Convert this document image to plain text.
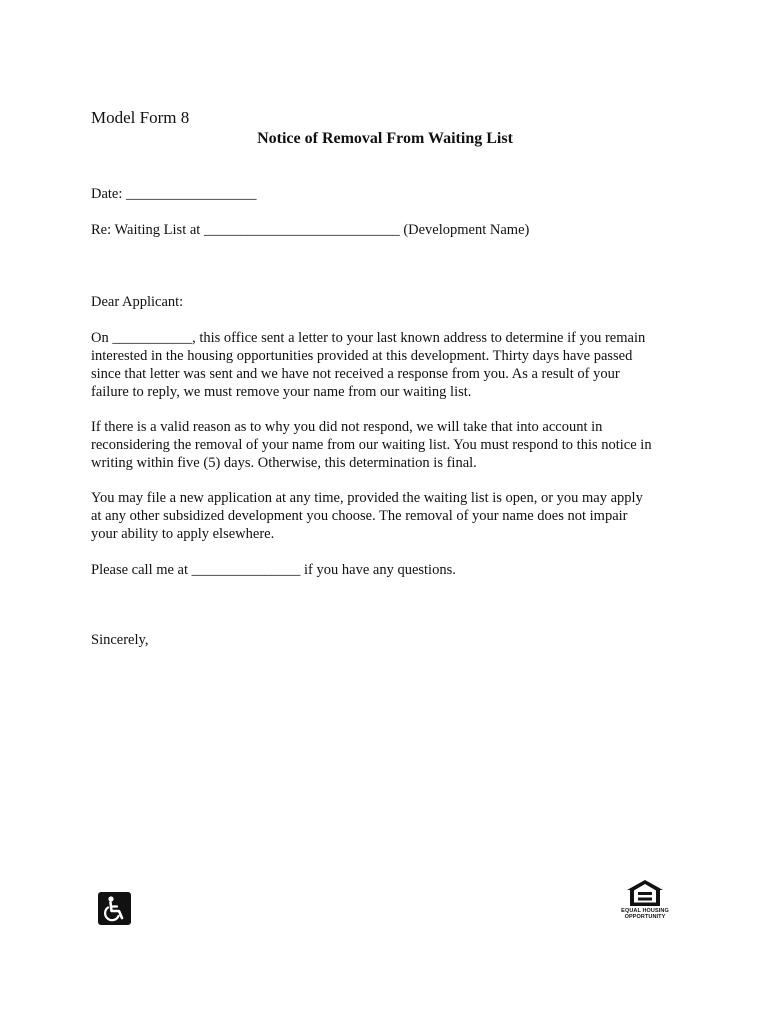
Model Form 8
Notice of Removal From Waiting List
Date: __________________
Re: Waiting List at ___________________________ (Development Name)
Dear Applicant:

On ___________, this office sent a letter to your last known address to determine if you remain

interested in the housing opportunities provided at this development. Thirty days have passed

since that letter was sent and we have not received a response from you. As a result of your

failure to reply, we must remove your name from our waiting list.

If there is a valid reason as to why you did not respond, we will take that into account in

reconsidering the removal of your name from our waiting list. You must respond to this notice in

writing within five (5) days. Otherwise, this determination is final.

You may file a new application at any time, provided the waiting list is open, or you may apply

at any other subsidized development you choose. The removal of your name does not impair

your ability to apply elsewhere.

Please call me at _______________ if you have any questions.
Sincerely,
EQUAL HOUSING
OPPORTUNITY
